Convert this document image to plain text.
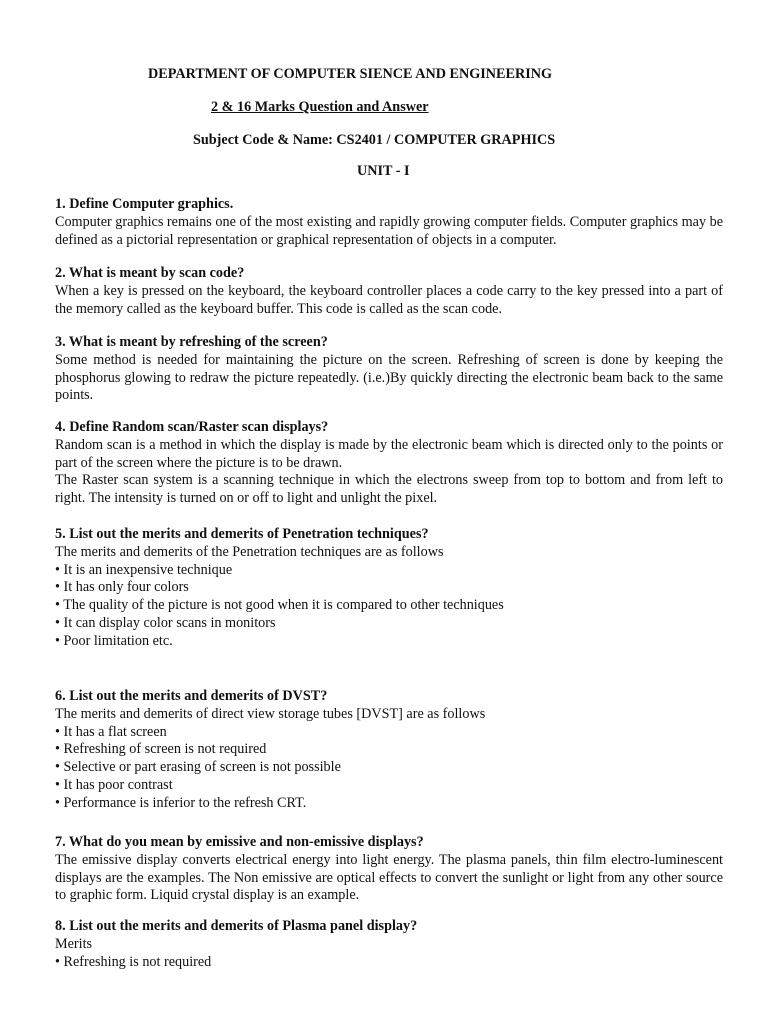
DEPARTMENT OF COMPUTER SIENCE AND ENGINEERING
2 & 16 Marks Question and Answer
Subject Code & Name: CS2401 / COMPUTER GRAPHICS
UNIT - I
1. Define Computer graphics.
Computer graphics remains one of the most existing and rapidly growing computer fields. Computer graphics may be defined as a pictorial representation or graphical representation of objects in a computer.
2. What is meant by scan code?
When a key is pressed on the keyboard, the keyboard controller places a code carry to the key pressed into a part of the memory called as the keyboard buffer. This code is called as the scan code.
3. What is meant by refreshing of the screen?
Some method is needed for maintaining the picture on the screen. Refreshing of screen is done by keeping the phosphorus glowing to redraw the picture repeatedly. (i.e.)By quickly directing the electronic beam back to the same points.
4. Define Random scan/Raster scan displays?
Random scan is a method in which the display is made by the electronic beam which is directed only to the points or part of the screen where the picture is to be drawn.
The Raster scan system is a scanning technique in which the electrons sweep from top to bottom and from left to right. The intensity is turned on or off to light and unlight the pixel.
5. List out the merits and demerits of Penetration techniques?
The merits and demerits of the Penetration techniques are as follows
• It is an inexpensive technique
• It has only four colors
• The quality of the picture is not good when it is compared to other techniques
• It can display color scans in monitors
• Poor limitation etc.
6. List out the merits and demerits of DVST?
The merits and demerits of direct view storage tubes [DVST] are as follows
• It has a flat screen
• Refreshing of screen is not required
• Selective or part erasing of screen is not possible
• It has poor contrast
• Performance is inferior to the refresh CRT.
7. What do you mean by emissive and non-emissive displays?
The emissive display converts electrical energy into light energy. The plasma panels, thin film electro-luminescent displays are the examples. The Non emissive are optical effects to convert the sunlight or light from any other source to graphic form. Liquid crystal display is an example.
8. List out the merits and demerits of Plasma panel display?
Merits
• Refreshing is not required
